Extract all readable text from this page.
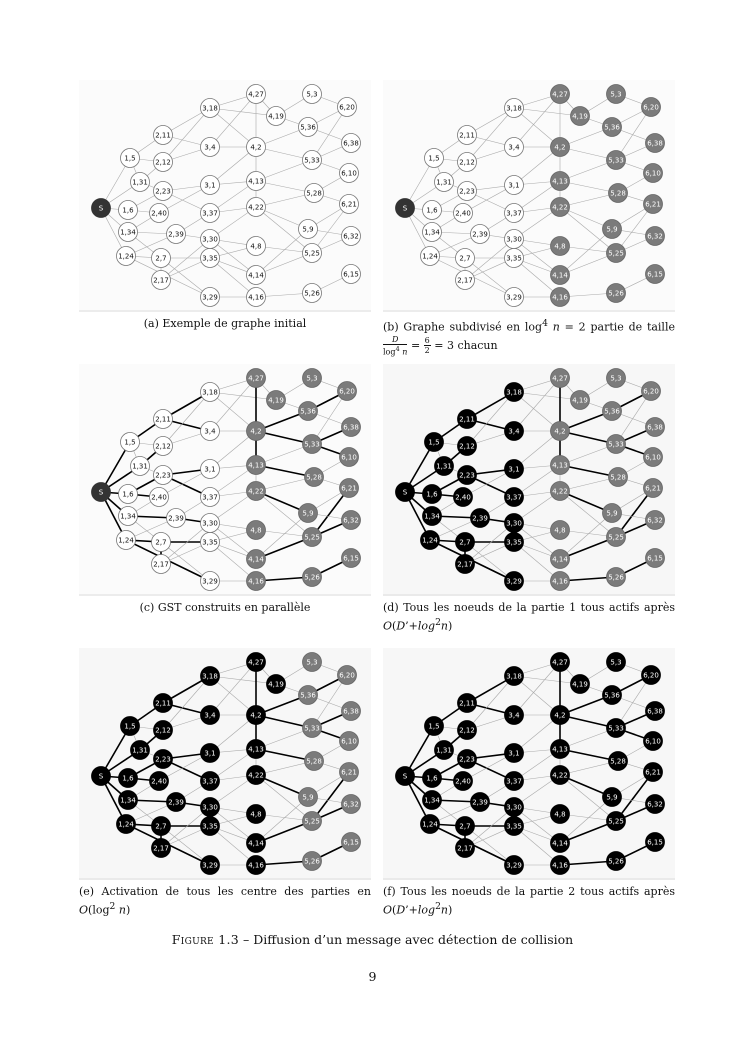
S
1,5
1,31
1,6
1,34
1,24
2,11
2,12
2,23
2,40
2,39
2,7
2,17
3,18
3,4
3,1
3,37
3,30
3,35
3,29
4,27
4,19
4,2
4,13
4,22
4,8
4,14
4,16
5,3
5,36
5,33
5,28
5,9
5,25
5,26
6,20
6,38
6,10
6,21
6,32
6,15
(a) Exemple de graphe initial
S
1,5
1,31
1,6
1,34
1,24
2,11
2,12
2,23
2,40
2,39
2,7
2,17
3,18
3,4
3,1
3,37
3,30
3,35
3,29
4,27
4,19
4,2
4,13
4,22
4,8
4,14
4,16
5,3
5,36
5,33
5,28
5,9
5,25
5,26
6,20
6,38
6,10
6,21
6,32
6,15
(b) Graphe subdivisé en $\log^4 n = 2$ partie de taille
$\frac{D}{\log^4 n} = \frac{6}{2} = 3$ chacun
S
1,5
1,31
1,6
1,34
1,24
2,11
2,12
2,23
2,40
2,39
2,7
2,17
3,18
3,4
3,1
3,37
3,30
3,35
3,29
4,27
4,19
4,2
4,13
4,22
4,8
4,14
4,16
5,3
5,36
5,33
5,28
5,9
5,25
5,26
6,20
6,38
6,10
6,21
6,32
6,15
(c) GST construits en parallèle
S
1,5
1,31
1,6
1,34
1,24
2,11
2,12
2,23
2,40
2,39
2,7
2,17
3,18
3,4
3,1
3,37
3,30
3,35
3,29
4,27
4,19
4,2
4,13
4,22
4,8
4,14
4,16
5,3
5,36
5,33
5,28
5,9
5,25
5,26
6,20
6,38
6,10
6,21
6,32
6,15
(d) Tous les noeuds de la partie 1 tous actifs après $O(D’+\log^2n)$
S
1,5
1,31
1,6
1,34
1,24
2,11
2,12
2,23
2,40
2,39
2,7
2,17
3,18
3,4
3,1
3,37
3,30
3,35
3,29
4,27
4,19
4,2
4,13
4,22
4,8
4,14
4,16
5,3
5,36
5,33
5,28
5,9
5,25
5,26
6,20
6,38
6,10
6,21
6,32
6,15
(e) Activation de tous les centre des parties en $O(\log^2$ n)
S
1,5
1,31
1,6
1,34
1,24
2,11
2,12
2,23
2,40
2,39
2,7
2,17
3,18
3,4
3,1
3,37
3,30
3,35
3,29
4,27
4,19
4,2
4,13
4,22
4,8
4,14
4,16
5,3
5,36
5,33
5,28
5,9
5,25
5,26
6,20
6,38
6,10
6,21
6,32
6,15
(f) Tous les noeuds de la partie 2 tous actifs après $O(D’+\log^2n)$
Figure 1.3 – Diffusion d’un message avec détection de collision
9
